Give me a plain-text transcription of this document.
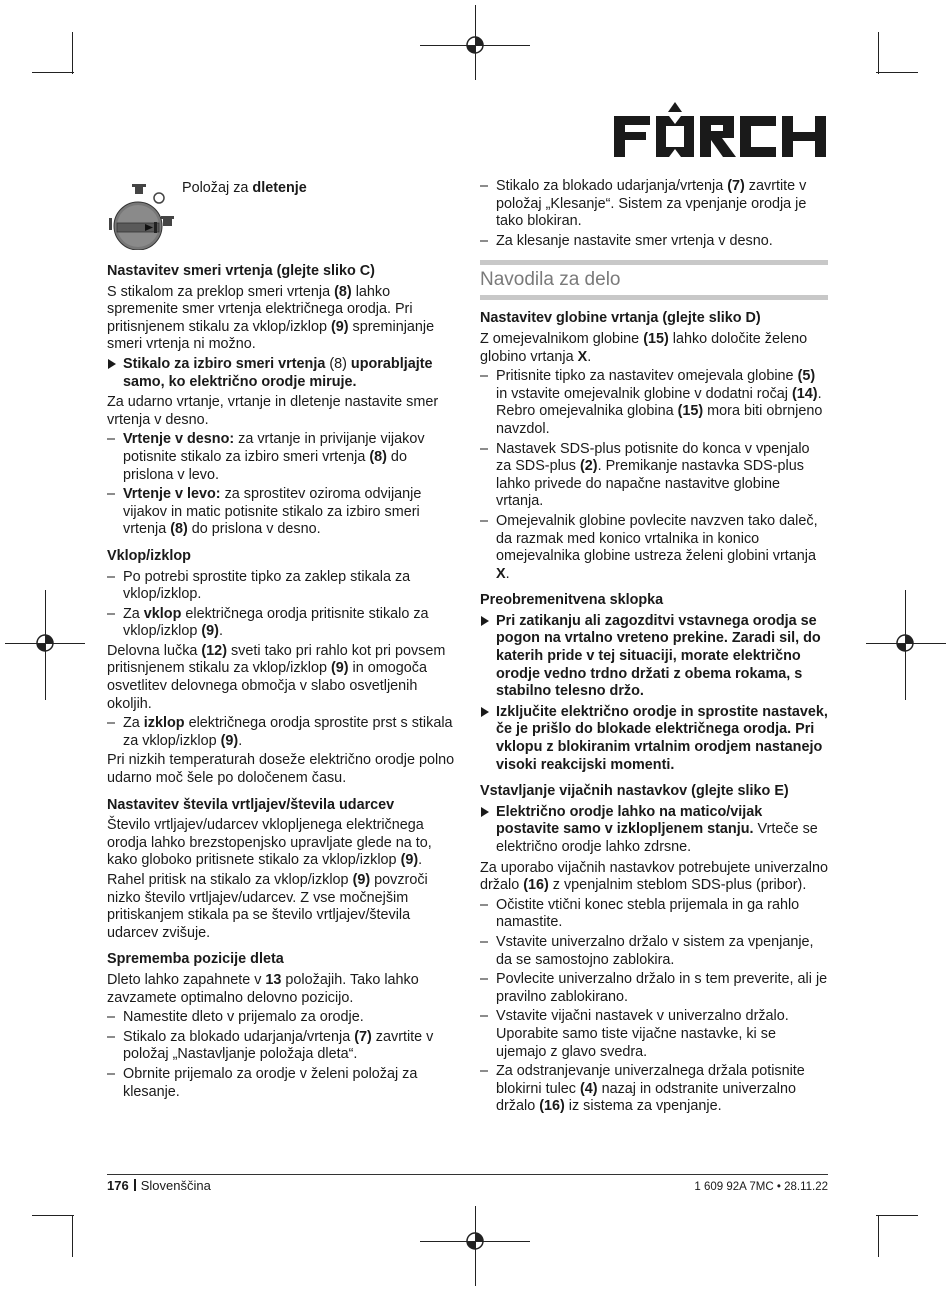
Položaj za dletenje

Nastavitev smeri vrtenja (glejte sliko C)

S stikalom za preklop smeri vrtenja (8) lahko spremenite smer vrtenja električnega orodja. Pri pritisnjenem stikalu za vklop/izklop (9) spreminjanje smeri vrtenja ni možno.

Stikalo za izbiro smeri vrtenja (8) uporabljajte samo, ko električno orodje miruje.

Za udarno vrtanje, vrtanje in dletenje nastavite smer vrtenja v desno.

– Vrtenje v desno: za vrtanje in privijanje vijakov potisnite stikalo za izbiro smeri vrtenja (8) do prislona v levo.
– Vrtenje v levo: za sprostitev oziroma odvijanje vijakov in matic potisnite stikalo za izbiro smeri vrtenja (8) do prislona v desno.

Vklop/izklop

– Po potrebi sprostite tipko za zaklep stikala za vklop/izklop.
– Za vklop električnega orodja pritisnite stikalo za vklop/izklop (9).

Delovna lučka (12) sveti tako pri rahlo kot pri povsem pritisnjenem stikalu za vklop/izklop (9) in omogoča osvetlitev delovnega območja v slabo osvetljenih okoljih.

– Za izklop električnega orodja sprostite prst s stikala za vklop/izklop (9).

Pri nizkih temperaturah doseže električno orodje polno udarno moč šele po določenem času.

Nastavitev števila vrtljajev/števila udarcev

Število vrtljajev/udarcev vklopljenega električnega orodja lahko brezstopenjsko upravljate glede na to, kako globoko pritisnete stikalo za vklop/izklop (9).

Rahel pritisk na stikalo za vklop/izklop (9) povzroči nizko število vrtljajev/udarcev. Z vse močnejšim pritiskanjem stikala pa se število vrtljajev/števila udarcev zvišuje.

Sprememba pozicije dleta

Dleto lahko zapahnete v 13 položajih. Tako lahko zavzamete optimalno delovno pozicijo.

– Namestite dleto v prijemalo za orodje.
– Stikalo za blokado udarjanja/vrtenja (7) zavrtite v položaj „Nastavljanje položaja dleta“.
– Obrnite prijemalo za orodje v želeni položaj za klesanje.
– Stikalo za blokado udarjanja/vrtenja (7) zavrtite v položaj „Klesanje“. Sistem za vpenjanje orodja je tako blokiran.
– Za klesanje nastavite smer vrtenja v desno.
Navodila za delo

Nastavitev globine vrtanja (glejte sliko D)

Z omejevalnikom globine (15) lahko določite želeno globino vrtanja X.

– Pritisnite tipko za nastavitev omejevala globine (5) in vstavite omejevalnik globine v dodatni ročaj (14).
Rebro omejevalnika globina (15) mora biti obrnjeno navzdol.
– Nastavek SDS-plus potisnite do konca v vpenjalo za SDS-plus (2). Premikanje nastavka SDS-plus lahko privede do napačne nastavitve globine vrtanja.
– Omejevalnik globine povlecite navzven tako daleč, da razmak med konico vrtalnika in konico omejevalnika globine ustreza želeni globini vrtanja X.

Preobremenitvena sklopka

Pri zatikanju ali zagozditvi vstavnega orodja se pogon na vrtalno vreteno prekine. Zaradi sil, do katerih pride v tej situaciji, morate električno orodje vedno trdno držati z obema rokama, s stabilno telesno držo.
Izključite električno orodje in sprostite nastavek, če je prišlo do blokade električnega orodja. Pri vklopu z blokiranim vrtalnim orodjem nastanejo visoki reakcijski momenti.

Vstavljanje vijačnih nastavkov (glejte sliko E)

Električno orodje lahko na matico/vijak postavite samo v izklopljenem stanju. Vrteče se električno orodje lahko zdrsne.

Za uporabo vijačnih nastavkov potrebujete univerzalno držalo (16) z vpenjalnim steblom SDS-plus (pribor).

– Očistite vtični konec stebla prijemala in ga rahlo namastite.
– Vstavite univerzalno držalo v sistem za vpenjanje, da se samostojno zablokira.
– Povlecite univerzalno držalo in s tem preverite, ali je pravilno zablokirano.
– Vstavite vijačni nastavek v univerzalno držalo. Uporabite samo tiste vijačne nastavke, ki se ujemajo z glavo svedra.
– Za odstranjevanje univerzalnega držala potisnite blokirni tulec (4) nazaj in odstranite univerzalno držalo (16) iz sistema za vpenjanje.
176 Slovenščina	1 609 92A 7MC • 28.11.22
